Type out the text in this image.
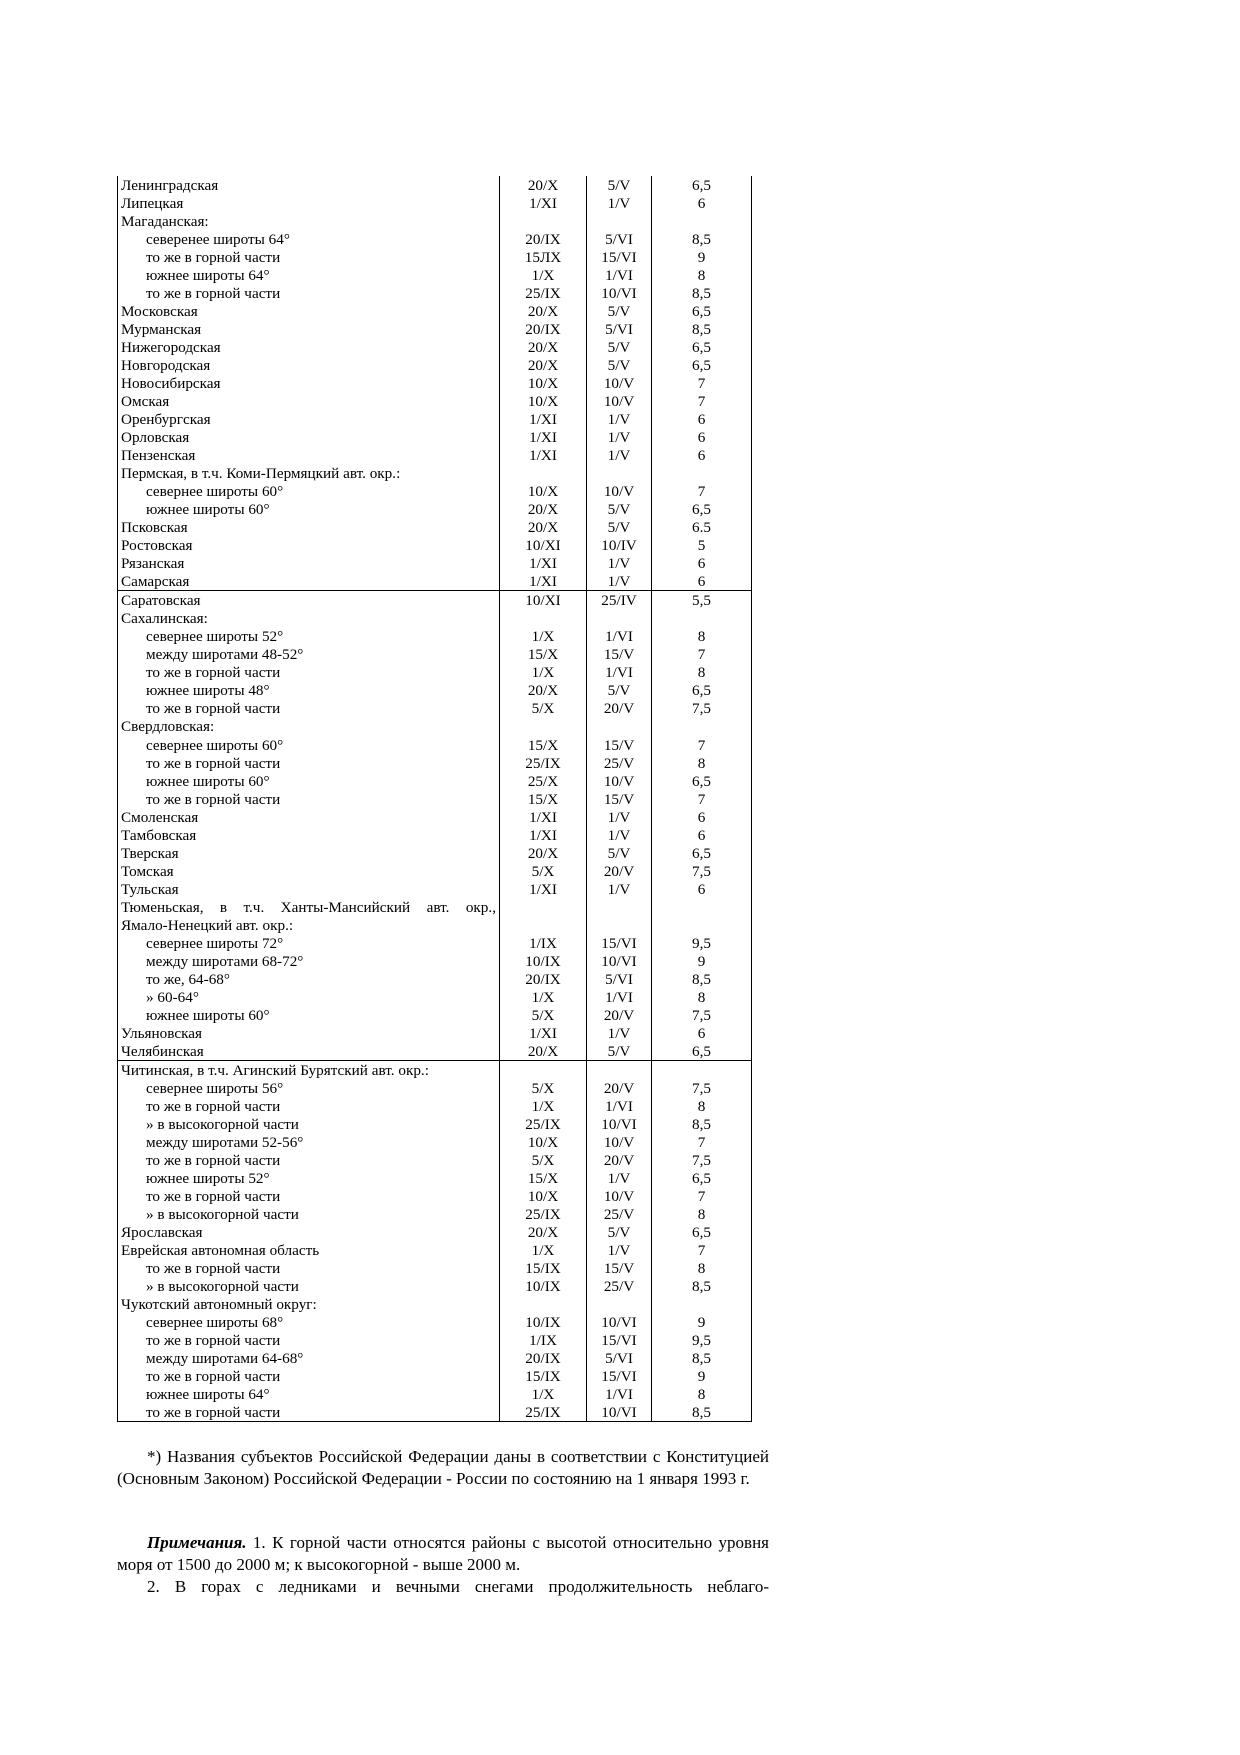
Ленинградская	20/X	5/V	6,5
Липецкая	1/XI	1/V	6
Магаданская:			
северенее широты 64°	20/IX	5/VI	8,5
то же в горной части	15ЛХ	15/VI	9
южнее широты 64°	1/X	1/VI	8
то же в горной части	25/IX	10/VI	8,5
Московская	20/X	5/V	6,5
Мурманская	20/IX	5/VI	8,5
Нижегородская	20/X	5/V	6,5
Новгородская	20/X	5/V	6,5
Новосибирская	10/X	10/V	7
Омская	10/X	10/V	7
Оренбургская	1/XI	1/V	6
Орловская	1/XI	1/V	6
Пензенская	1/XI	1/V	6
Пермская, в т.ч. Коми-Пермяцкий авт. окр.:			
севернее широты 60°	10/X	10/V	7
южнее широты 60°	20/X	5/V	6,5
Псковская	20/X	5/V	6.5
Ростовская	10/XI	10/IV	5
Рязанская	1/XI	1/V	6
Самарская	1/XI	1/V	6
Саратовская	10/XI	25/IV	5,5
Сахалинская:			
севернее широты 52°	1/X	1/VI	8
между широтами 48-52°	15/X	15/V	7
то же в горной части	1/X	1/VI	8
южнее широты 48°	20/X	5/V	6,5
то же в горной части	5/X	20/V	7,5
Свердловская:			
севернее широты 60°	15/X	15/V	7
то же в горной части	25/IX	25/V	8
южнее широты 60°	25/X	10/V	6,5
то же в горной части	15/X	15/V	7
Смоленская	1/XI	1/V	6
Тамбовская	1/XI	1/V	6
Тверская	20/X	5/V	6,5
Томская	5/X	20/V	7,5
Тульская	1/XI	1/V	6
Тюменьская, в т.ч. Ханты-Мансийский авт. окр.,			
Ямало-Ненецкий авт. окр.:			
севернее широты 72°	1/IX	15/VI	9,5
между широтами 68-72°	10/IX	10/VI	9
то же, 64-68°	20/IX	5/VI	8,5
» 60-64°	1/X	1/VI	8
южнее широты 60°	5/X	20/V	7,5
Ульяновская	1/XI	1/V	6
Челябинская	20/X	5/V	6,5
Читинская, в т.ч. Агинский Бурятский авт. окр.:			
севернее широты 56°	5/X	20/V	7,5
то же в горной части	1/X	1/VI	8
» в высокогорной части	25/IX	10/VI	8,5
между широтами 52-56°	10/X	10/V	7
то же в горной части	5/X	20/V	7,5
южнее широты 52°	15/X	1/V	6,5
то же в горной части	10/X	10/V	7
» в высокогорной части	25/IX	25/V	8
Ярославская	20/X	5/V	6,5
Еврейская автономная область	1/X	1/V	7
то же в горной части	15/IX	15/V	8
» в высокогорной части	10/IX	25/V	8,5
Чукотский автономный округ:			
севернее широты 68°	10/IX	10/VI	9
то же в горной части	1/IX	15/VI	9,5
между широтами 64-68°	20/IX	5/VI	8,5
то же в горной части	15/IX	15/VI	9
южнее широты 64°	1/X	1/VI	8
то же в горной части	25/IX	10/VI	8,5

*) Названия субъектов Российской Федерации даны в соответствии с Конституцией (Основным Законом) Российской Федерации - России по состоянию на 1 января 1993 г.

Примечания. 1. К горной части относятся районы с высотой относительно уровня моря от 1500 до 2000 м; к высокогорной - выше 2000 м.

2. В горах с ледниками и вечными снегами продолжительность неблаго-
